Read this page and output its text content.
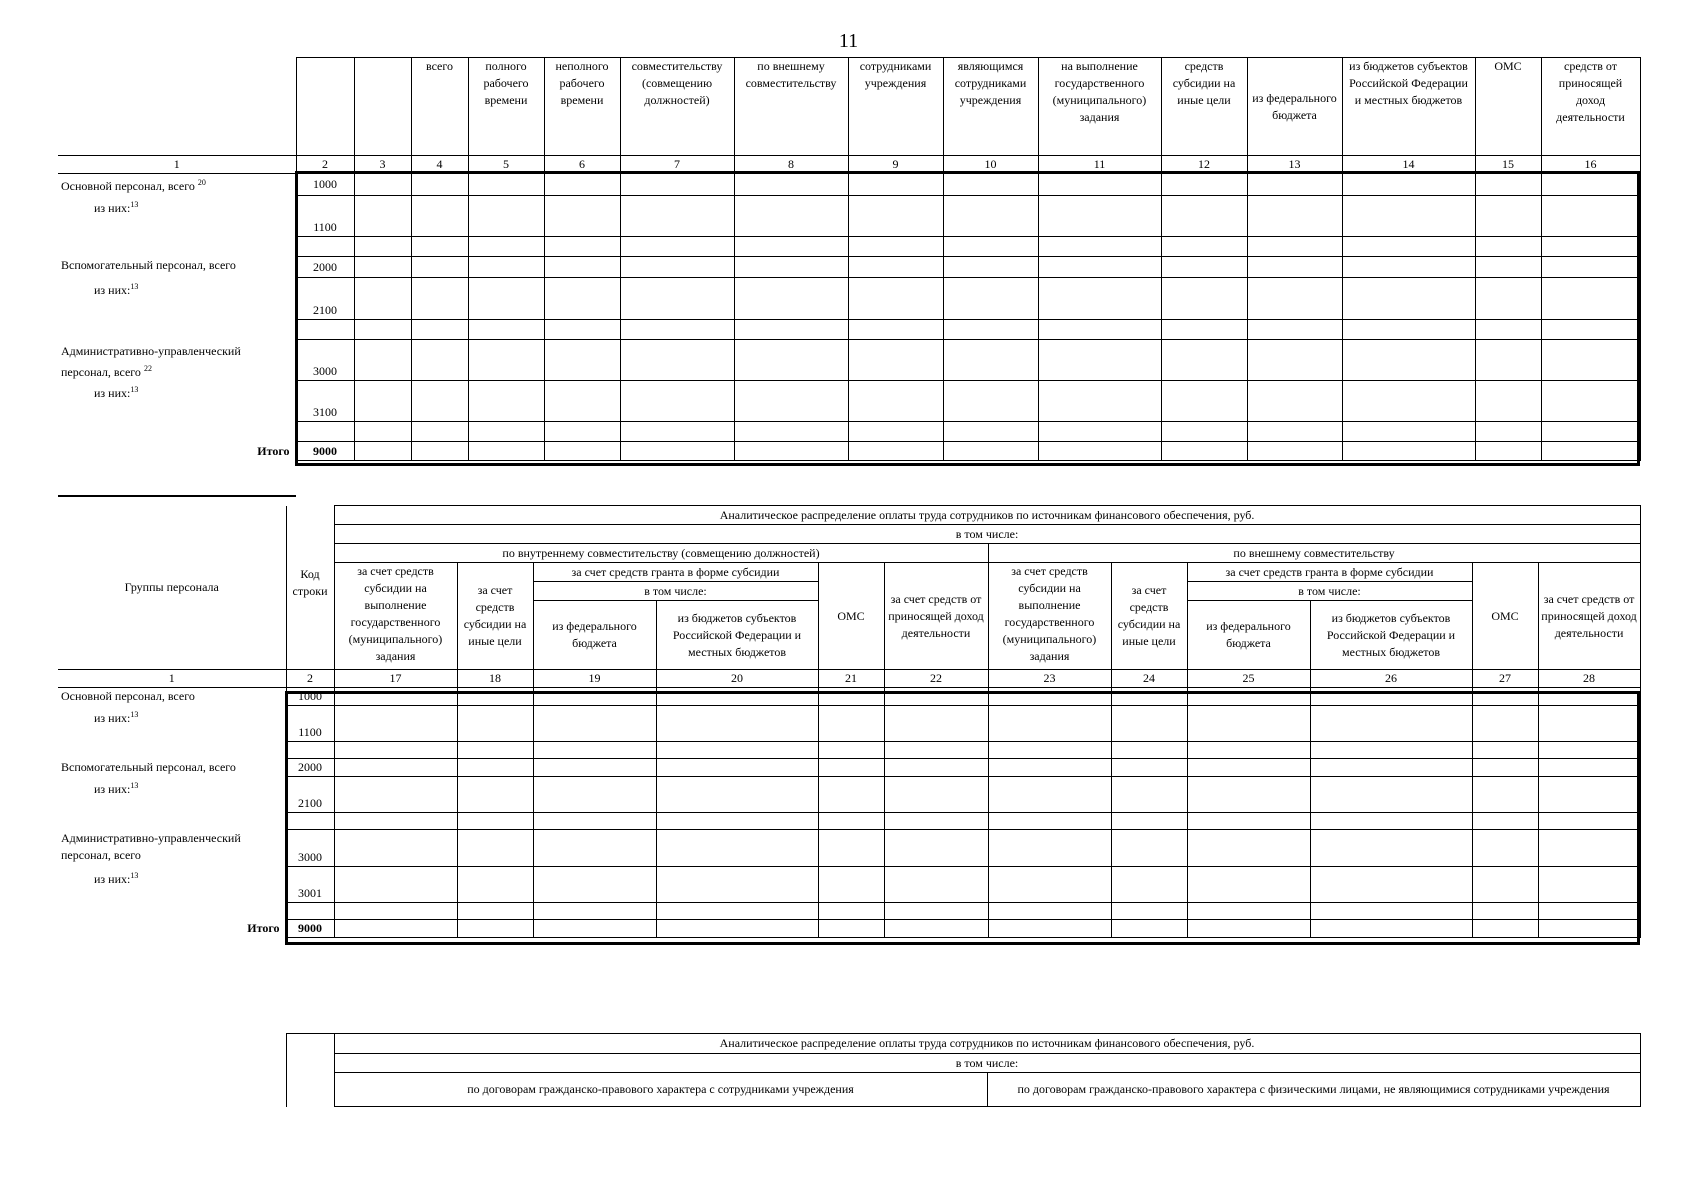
11
			всего	полного рабочего времени	неполного рабочего времени	совместительству (совмещению должностей)	по внешнему совместительству	сотрудниками учреждения	являющимся сотрудниками учреждения	на выполнение государственного (муниципального) задания	средств субсидии на иные цели	из федерального бюджета	из бюджетов субъектов Российской Федерации и местных бюджетов	ОМС	средств от приносящей доход деятельности
1	2	3	4	5	6	7	8	9	10	11	12	13	14	15	16
Основной персонал, всего $^{20}$	1000														
из них:$^{13}$	1100														

Вспомогательный персонал, всего	2000														
из них:$^{13}$	2100														

Административно-управленческий персонал, всего $^{22}$	3000														
из них:$^{13}$	3100														

Итого	9000														
Группы персонала	Код строки	Аналитическое распределение оплаты труда сотрудников по источникам финансового обеспечения, руб.											
		в том числе:											
		по внутреннему совместительству (совмещению должностей)						по внешнему совместительству					
		за счет средств субсидии на выполнение государственного (муниципального) задания	за счет средств субсидии на иные цели	за счет средств гранта в форме субсидии		ОМС	за счет средств от приносящей доход деятельности	за счет средств субсидии на выполнение государственного (муниципального) задания	за счет средств субсидии на иные цели	за счет средств гранта в форме субсидии		ОМС	за счет средств от приносящей доход деятельности
				в том числе:						в том числе:			
				из федерального бюджета	из бюджетов субъектов Российской Федерации и местных бюджетов					из федерального бюджета	из бюджетов субъектов Российской Федерации и местных бюджетов		
1	2	17	18	19	20	21	22	23	24	25	26	27	28
Основной персонал, всего	1000												
из них:$^{13}$	1100												

Вспомогательный персонал, всего	2000												
из них:$^{13}$	2100												

Административно-управленческий персонал, всего	3000												
из них:$^{13}$	3001												

Итого	9000												
		Аналитическое распределение оплаты труда сотрудников по источникам финансового обеспечения, руб.	
		в том числе:	
		по договорам гражданско-правового характера с сотрудниками учреждения	по договорам гражданско-правового характера с физическими лицами, не являющимися сотрудниками учреждения
